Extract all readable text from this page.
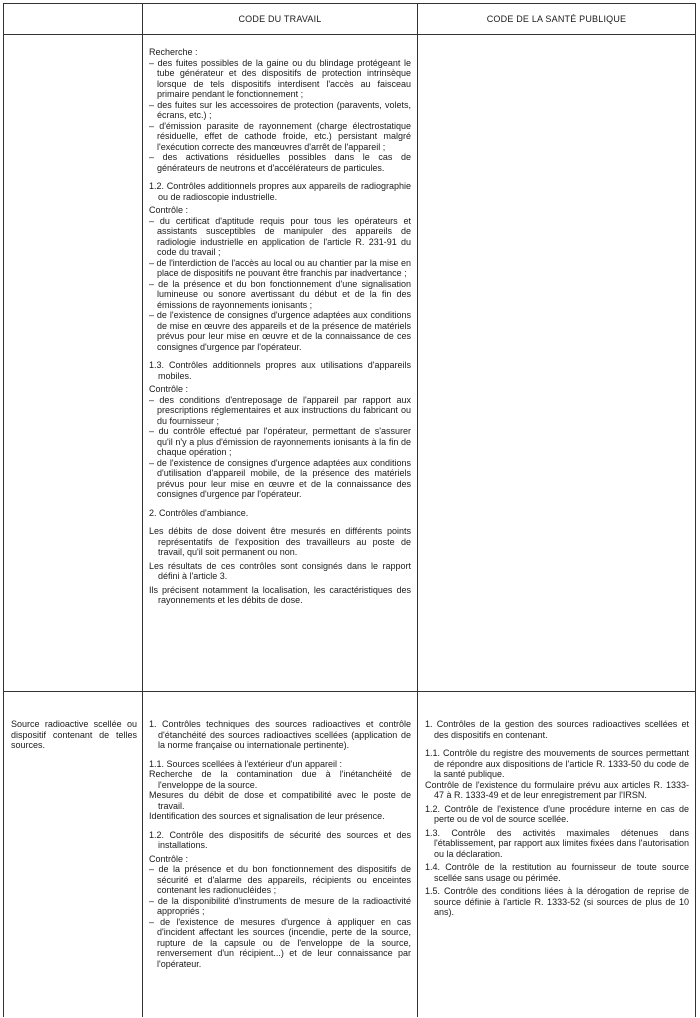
CODE DU TRAVAIL	CODE DE LA SANTÉ PUBLIQUE

Recherche :

– des fuites possibles de la gaine ou du blindage protégeant le tube générateur et des dispositifs de protection intrinsèque lorsque de tels dispositifs interdisent l'accès au faisceau primaire pendant le fonctionnement ;

– des fuites sur les accessoires de protection (paravents, volets, écrans, etc.) ;

– d'émission parasite de rayonnement (charge électrostatique résiduelle, effet de cathode froide, etc.) persistant malgré l'exécution correcte des manœuvres d'arrêt de l'appareil ;

– des activations résiduelles possibles dans le cas de générateurs de neutrons et d'accélérateurs de particules.

1.2. Contrôles additionnels propres aux appareils de radiographie ou de radioscopie industrielle.

Contrôle :

– du certificat d'aptitude requis pour tous les opérateurs et assistants susceptibles de manipuler des appareils de radiologie industrielle en application de l'article R. 231-91 du code du travail ;

– de l'interdiction de l'accès au local ou au chantier par la mise en place de dispositifs ne pouvant être franchis par inadvertance ;

– de la présence et du bon fonctionnement d'une signalisation lumineuse ou sonore avertissant du début et de la fin des émissions de rayonnements ionisants ;

– de l'existence de consignes d'urgence adaptées aux conditions de mise en œuvre des appareils et de la présence de matériels prévus pour leur mise en œuvre et de la connaissance de ces consignes d'urgence par l'opérateur.

1.3. Contrôles additionnels propres aux utilisations d'appareils mobiles.

Contrôle :

– des conditions d'entreposage de l'appareil par rapport aux prescriptions réglementaires et aux instructions du fabricant ou du fournisseur ;

– du contrôle effectué par l'opérateur, permettant de s'assurer qu'il n'y a plus d'émission de rayonnements ionisants à la fin de chaque opération ;

– de l'existence de consignes d'urgence adaptées aux conditions d'utilisation d'appareil mobile, de la présence des matériels prévus pour leur mise en œuvre et de la connaissance des consignes d'urgence par l'opérateur.

2. Contrôles d'ambiance.

Les débits de dose doivent être mesurés en différents points représentatifs de l'exposition des travailleurs au poste de travail, qu'il soit permanent ou non.

Les résultats de ces contrôles sont consignés dans le rapport défini à l'article 3.

Ils précisent notamment la localisation, les caractéristiques des rayonnements et les débits de dose.

Source radioactive scellée ou dispositif contenant de telles sources.

1. Contrôles techniques des sources radioactives et contrôle d'étanchéité des sources radioactives scellées (application de la norme française ou internationale pertinente).

1.1. Sources scellées à l'extérieur d'un appareil :

Recherche de la contamination due à l'inétanchéité de l'enveloppe de la source.

Mesures du débit de dose et compatibilité avec le poste de travail.

Identification des sources et signalisation de leur présence.

1.2. Contrôle des dispositifs de sécurité des sources et des installations.

Contrôle :

– de la présence et du bon fonctionnement des dispositifs de sécurité et d'alarme des appareils, récipients ou enceintes contenant les radionucléides ;

– de la disponibilité d'instruments de mesure de la radioactivité appropriés ;

– de l'existence de mesures d'urgence à appliquer en cas d'incident affectant les sources (incendie, perte de la source, rupture de la capsule ou de l'enveloppe de la source, renversement d'un récipient...) et de leur connaissance par l'opérateur.

1. Contrôles de la gestion des sources radioactives scellées et des dispositifs en contenant.

1.1. Contrôle du registre des mouvements de sources permettant de répondre aux dispositions de l'article R. 1333-50 du code de la santé publique.

Contrôle de l'existence du formulaire prévu aux articles R. 1333-47 à R. 1333-49 et de leur enregistrement par l'IRSN.

1.2. Contrôle de l'existence d'une procédure interne en cas de perte ou de vol de source scellée.

1.3. Contrôle des activités maximales détenues dans l'établissement, par rapport aux limites fixées dans l'autorisation ou la déclaration.

1.4. Contrôle de la restitution au fournisseur de toute source scellée sans usage ou périmée.

1.5. Contrôle des conditions liées à la dérogation de reprise de source définie à l'article R. 1333-52 (si sources de plus de 10 ans).
